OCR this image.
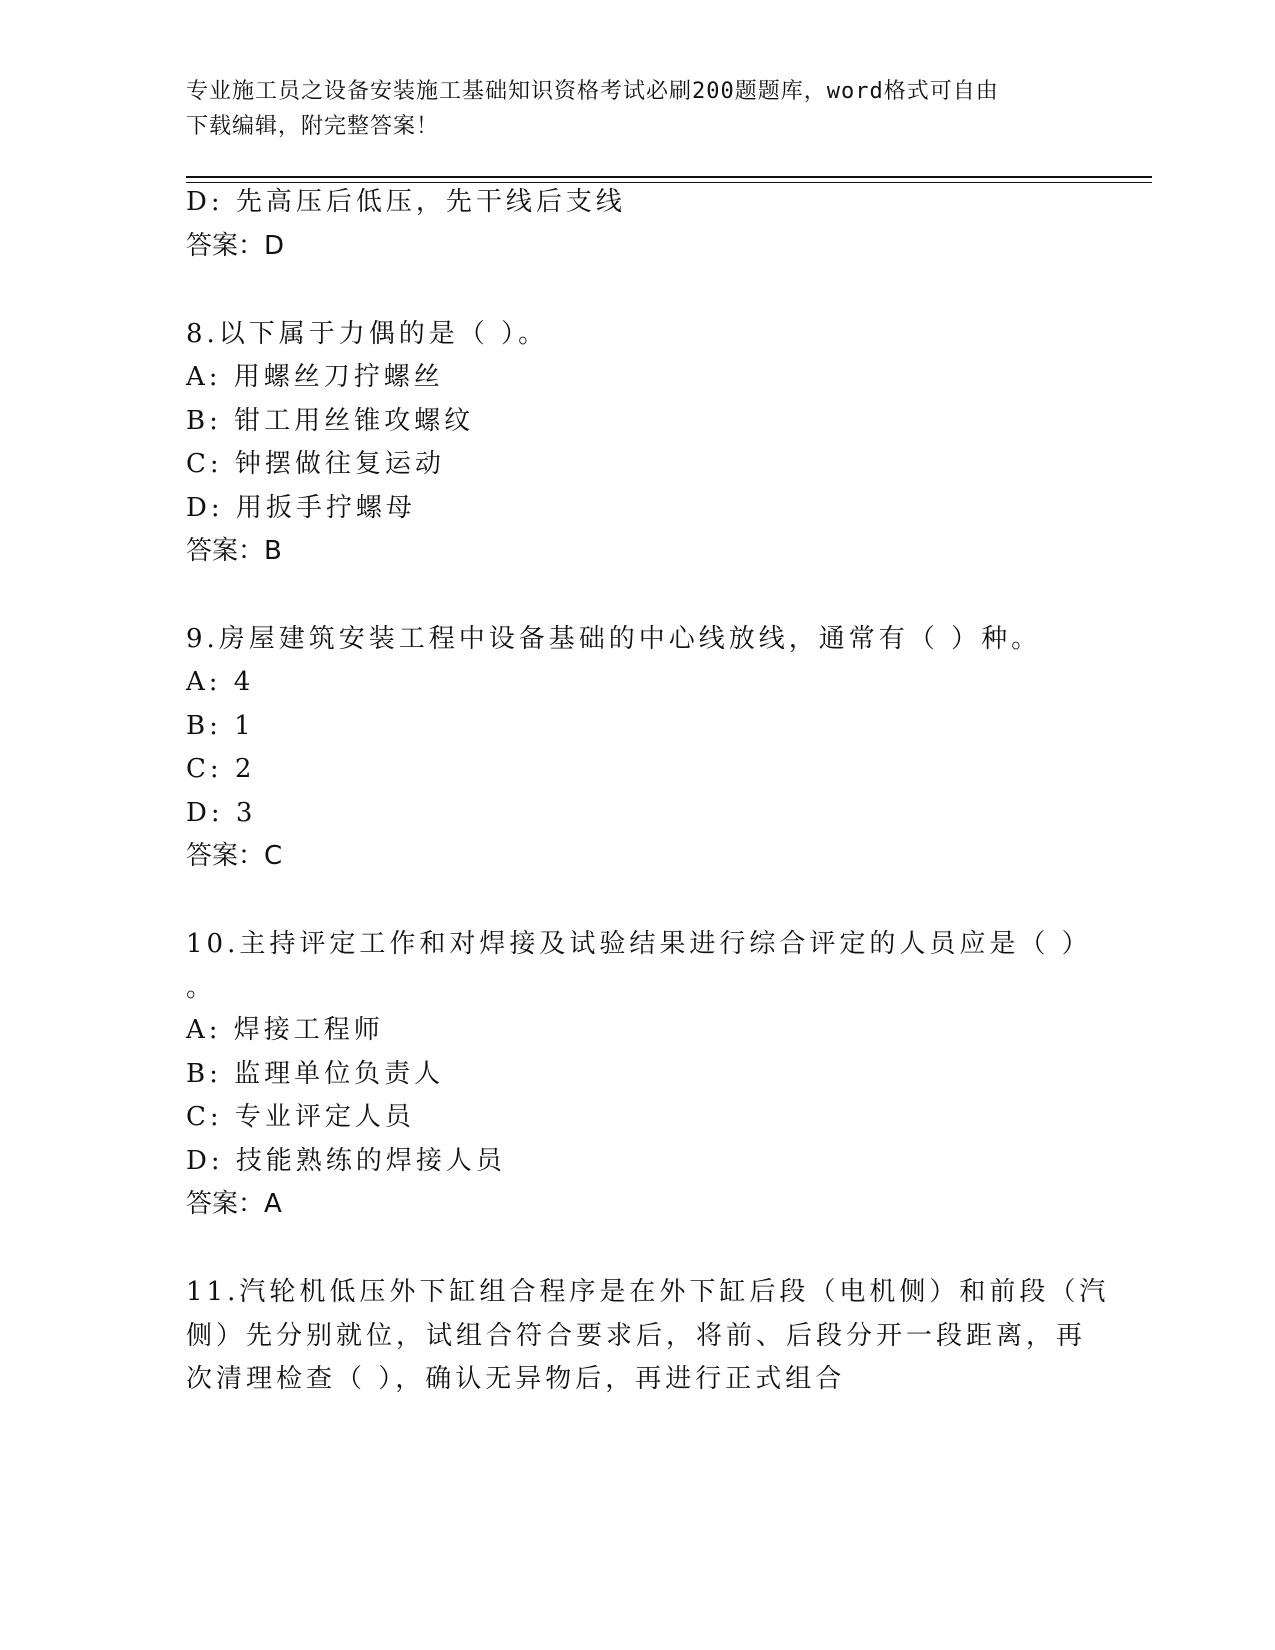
专业施工员之设备安装施工基础知识资格考试必刷200题题库，word格式可自由
下载编辑，附完整答案！
D: 先高压后低压，先干线后支线
答案：D
8.以下属于力偶的是（ ）。
A: 用螺丝刀拧螺丝
B: 钳工用丝锥攻螺纹
C: 钟摆做往复运动
D: 用扳手拧螺母
答案：B
9.房屋建筑安装工程中设备基础的中心线放线，通常有（ ）种。
A: 4
B: 1
C: 2
D: 3
答案：C
10.主持评定工作和对焊接及试验结果进行综合评定的人员应是（ ）
。
A: 焊接工程师
B: 监理单位负责人
C: 专业评定人员
D: 技能熟练的焊接人员
答案：A
11.汽轮机低压外下缸组合程序是在外下缸后段（电机侧）和前段（汽
侧）先分别就位，试组合符合要求后，将前、后段分开一段距离，再
次清理检查（ ），确认无异物后，再进行正式组合
